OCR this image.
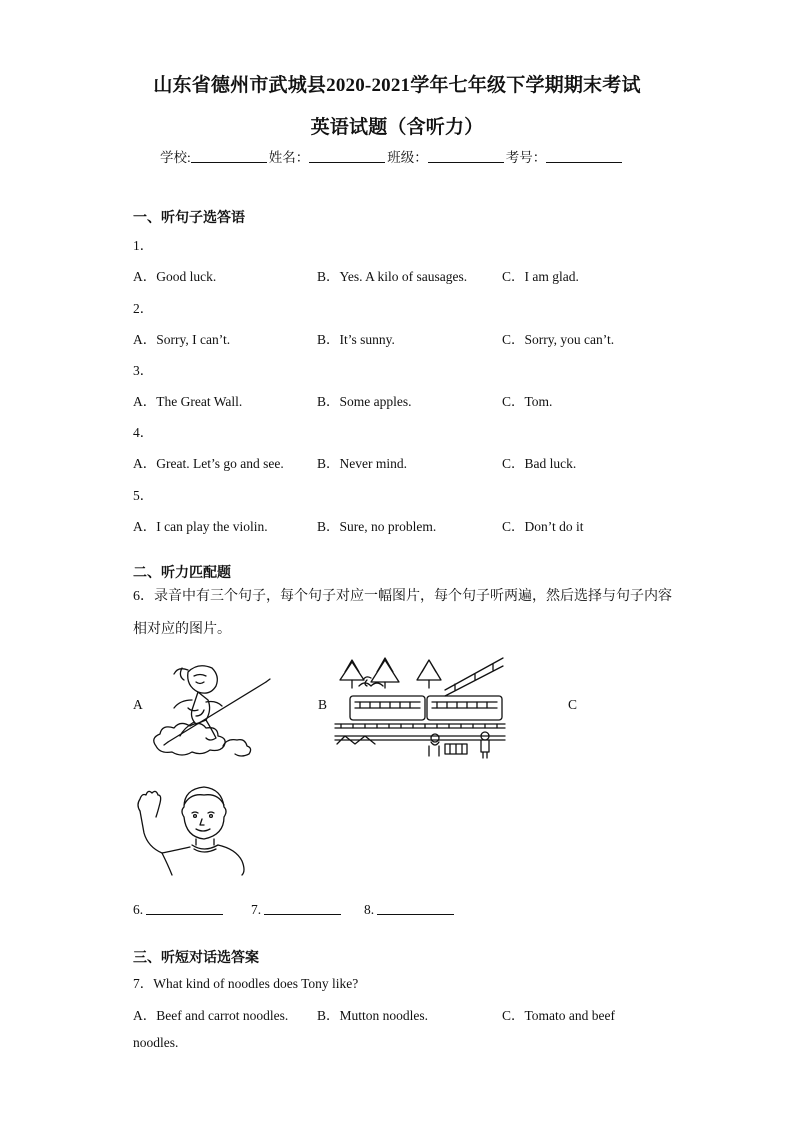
山东省德州市武城县2020-2021学年七年级下学期期末考试
英语试题（含听力）
学校:	姓名：	班级：	考号：
一、听句子选答语
1．
A．Good luck.	B．Yes. A kilo of sausages.	C．I am glad.
2．
A．Sorry, I can’t.	B．It’s sunny.	C．Sorry, you can’t.
3．
A．The Great Wall.	B．Some apples.	C．Tom.
4．
A．Great. Let’s go and see. B．Never mind.	C．Bad luck.
5．
A．I can play the violin.	B．Sure, no problem.	C．Don’t do it
二、听力匹配题
6．录音中有三个句子，每个句子对应一幅图片，每个句子听两遍，然后选择与句子内容相对应的图片。
A	B	C
6.	7.	8.
三、听短对话选答案
7．What kind of noodles does Tony like?
A．Beef and carrot noodles. B．Mutton noodles.	C．Tomato and beef
noodles.
